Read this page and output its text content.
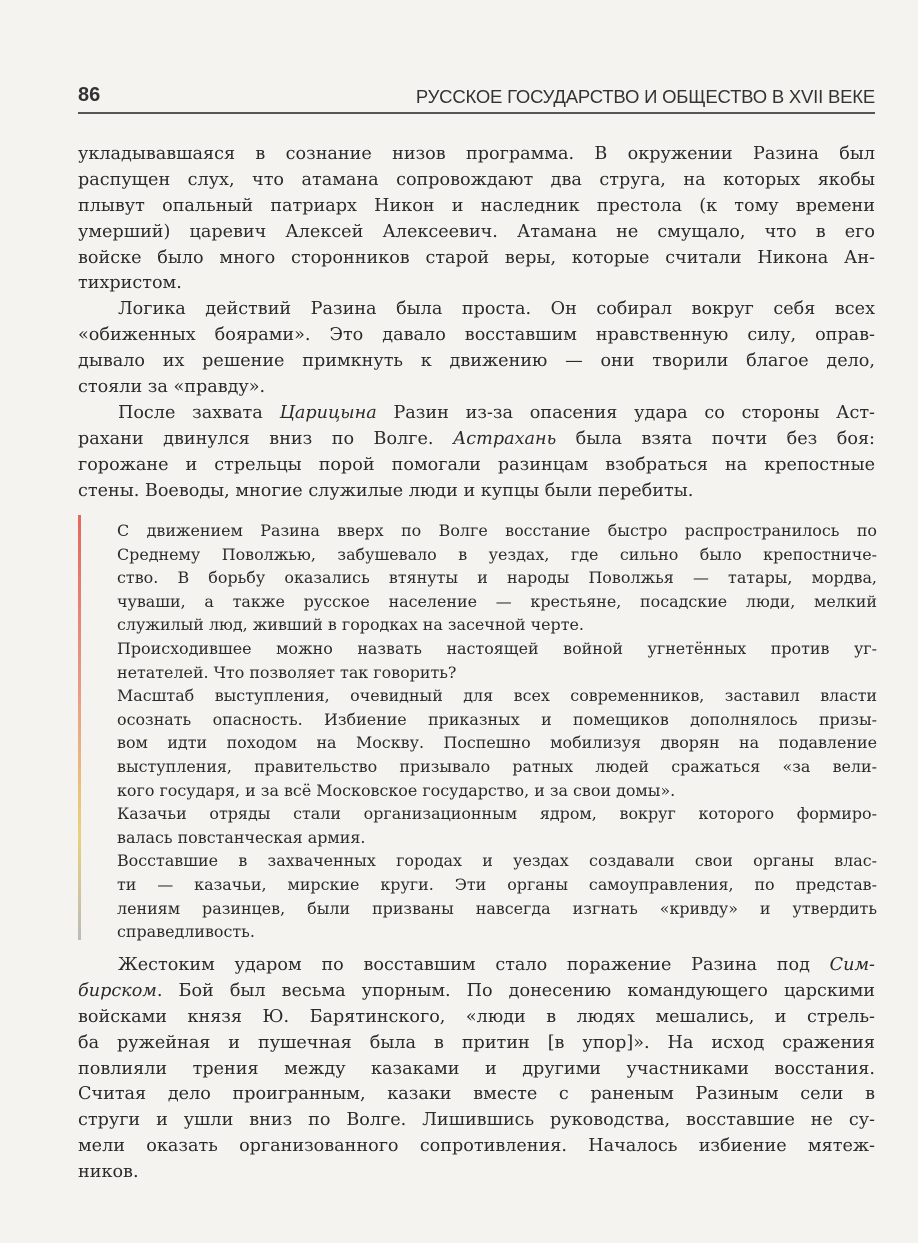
86	РУССКОЕ ГОСУДАРСТВО И ОБЩЕСТВО В XVII ВЕКЕ
укладывавшаяся в сознание низов программа. В окружении Разина был
распущен слух, что атамана сопровождают два струга, на которых якобы
плывут опальный патриарх Никон и наследник престола (к тому времени
умерший) царевич Алексей Алексеевич. Атамана не смущало, что в его
войске было много сторонников старой веры, которые считали Никона Ан-
тихристом.
Логика действий Разина была проста. Он собирал вокруг себя всех
«обиженных боярами». Это давало восставшим нравственную силу, оправ-
дывало их решение примкнуть к движению — они творили благое дело,
стояли за «правду».
После захвата Царицына Разин из-за опасения удара со стороны Аст-
рахани двинулся вниз по Волге. Астрахань была взята почти без боя:
горожане и стрельцы порой помогали разинцам взобраться на крепостные
стены. Воеводы, многие служилые люди и купцы были перебиты.
С движением Разина вверх по Волге восстание быстро распространилось по
Среднему Поволжью, забушевало в уездах, где сильно было крепостниче-
ство. В борьбу оказались втянуты и народы Поволжья — татары, мордва,
чуваши, а также русское население — крестьяне, посадские люди, мелкий
служилый люд, живший в городках на засечной черте.
Происходившее можно назвать настоящей войной угнетённых против уг-
нетателей. Что позволяет так говорить?
Масштаб выступления, очевидный для всех современников, заставил власти
осознать опасность. Избиение приказных и помещиков дополнялось призы-
вом идти походом на Москву. Поспешно мобилизуя дворян на подавление
выступления, правительство призывало ратных людей сражаться «за вели-
кого государя, и за всё Московское государство, и за свои домы».
Казачьи отряды стали организационным ядром, вокруг которого формиро-
валась повстанческая армия.
Восставшие в захваченных городах и уездах создавали свои органы влас-
ти — казачьи, мирские круги. Эти органы самоуправления, по представ-
лениям разинцев, были призваны навсегда изгнать «кривду» и утвердить
справедливость.
Жестоким ударом по восставшим стало поражение Разина под Сим-
бирском. Бой был весьма упорным. По донесению командующего царскими
войсками князя Ю. Барятинского, «люди в людях мешались, и стрель-
ба ружейная и пушечная была в притин [в упор]». На исход сражения
повлияли трения между казаками и другими участниками восстания.
Считая дело проигранным, казаки вместе с раненым Разиным сели в
струги и ушли вниз по Волге. Лишившись руководства, восставшие не су-
мели оказать организованного сопротивления. Началось избиение мятеж-
ников.
